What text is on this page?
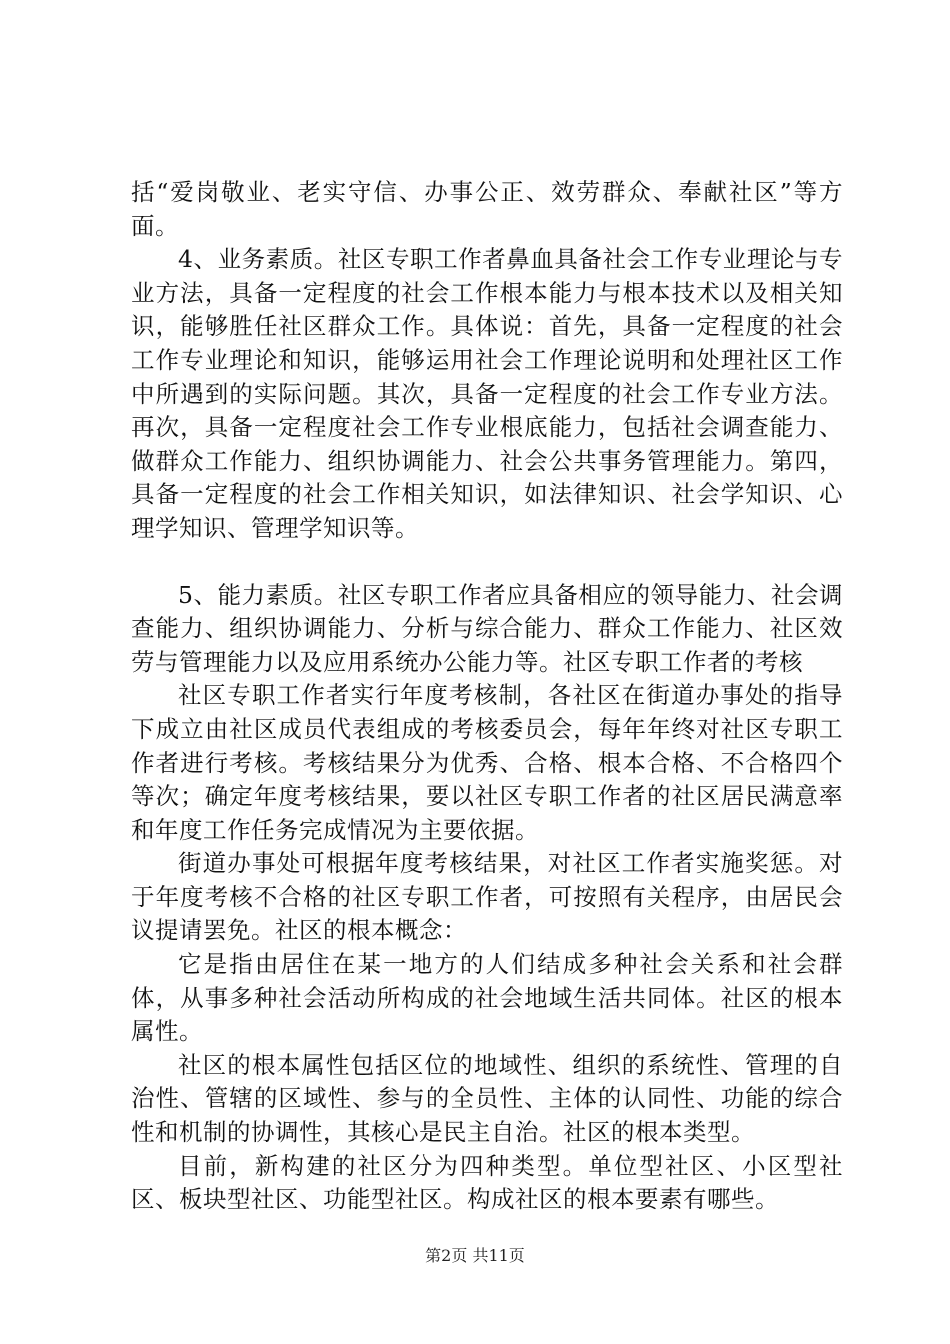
括“爱岗敬业、老实守信、办事公正、效劳群众、奉献社区”等方面。

4、业务素质。社区专职工作者鼻血具备社会工作专业理论与专业方法，具备一定程度的社会工作根本能力与根本技术以及相关知识，能够胜任社区群众工作。具体说：首先，具备一定程度的社会工作专业理论和知识，能够运用社会工作理论说明和处理社区工作中所遇到的实际问题。其次，具备一定程度的社会工作专业方法。再次，具备一定程度社会工作专业根底能力，包括社会调查能力、做群众工作能力、组织协调能力、社会公共事务管理能力。第四，具备一定程度的社会工作相关知识，如法律知识、社会学知识、心理学知识、管理学知识等。

5、能力素质。社区专职工作者应具备相应的领导能力、社会调查能力、组织协调能力、分析与综合能力、群众工作能力、社区效劳与管理能力以及应用系统办公能力等。社区专职工作者的考核

社区专职工作者实行年度考核制，各社区在街道办事处的指导下成立由社区成员代表组成的考核委员会，每年年终对社区专职工作者进行考核。考核结果分为优秀、合格、根本合格、不合格四个等次；确定年度考核结果，要以社区专职工作者的社区居民满意率和年度工作任务完成情况为主要依据。

街道办事处可根据年度考核结果，对社区工作者实施奖惩。对于年度考核不合格的社区专职工作者，可按照有关程序，由居民会议提请罢免。社区的根本概念：

它是指由居住在某一地方的人们结成多种社会关系和社会群体，从事多种社会活动所构成的社会地域生活共同体。社区的根本属性。

社区的根本属性包括区位的地域性、组织的系统性、管理的自治性、管辖的区域性、参与的全员性、主体的认同性、功能的综合性和机制的协调性，其核心是民主自治。社区的根本类型。

目前，新构建的社区分为四种类型。单位型社区、小区型社区、板块型社区、功能型社区。构成社区的根本要素有哪些。

第2页 共11页
